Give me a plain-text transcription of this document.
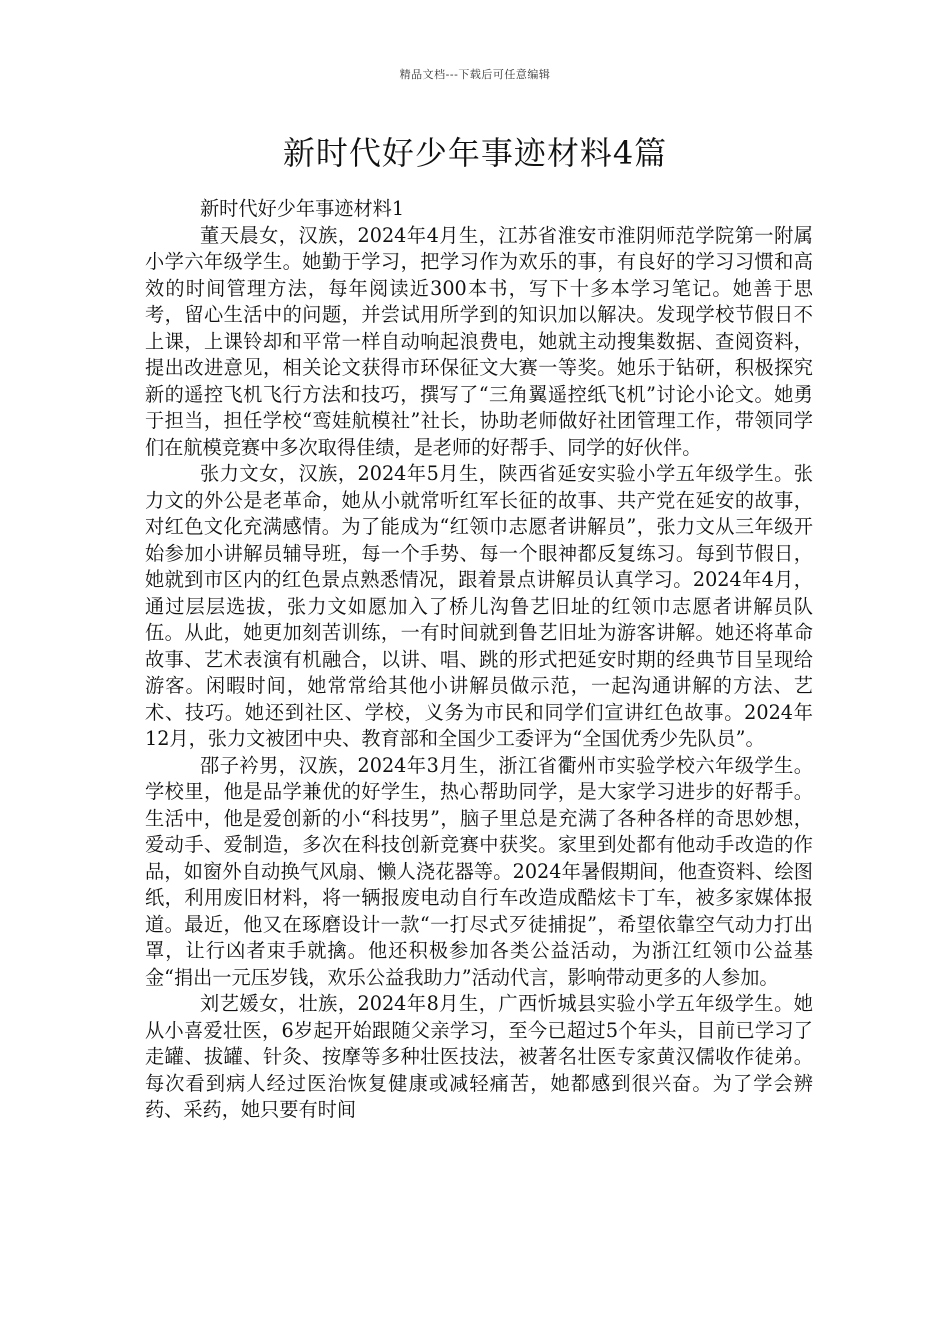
精品文档---下载后可任意编辑
新时代好少年事迹材料4篇
新时代好少年事迹材料1

董天晨女，汉族，2024年4月生，江苏省淮安市淮阴师范学院第一附属小学六年级学生。她勤于学习，把学习作为欢乐的事，有良好的学习习惯和高效的时间管理方法，每年阅读近300本书，写下十多本学习笔记。她善于思考，留心生活中的问题，并尝试用所学到的知识加以解决。发现学校节假日不上课，上课铃却和平常一样自动响起浪费电，她就主动搜集数据、查阅资料，提出改进意见，相关论文获得市环保征文大赛一等奖。她乐于钻研，积极探究新的遥控飞机飞行方法和技巧，撰写了“三角翼遥控纸飞机”讨论小论文。她勇于担当，担任学校“鸾娃航模社”社长，协助老师做好社团管理工作，带领同学们在航模竞赛中多次取得佳绩，是老师的好帮手、同学的好伙伴。

张力文女，汉族，2024年5月生，陕西省延安实验小学五年级学生。张力文的外公是老革命，她从小就常听红军长征的故事、共产党在延安的故事，对红色文化充满感情。为了能成为“红领巾志愿者讲解员”，张力文从三年级开始参加小讲解员辅导班，每一个手势、每一个眼神都反复练习。每到节假日，她就到市区内的红色景点熟悉情况，跟着景点讲解员认真学习。2024年4月，通过层层选拔，张力文如愿加入了桥儿沟鲁艺旧址的红领巾志愿者讲解员队伍。从此，她更加刻苦训练，一有时间就到鲁艺旧址为游客讲解。她还将革命故事、艺术表演有机融合，以讲、唱、跳的形式把延安时期的经典节目呈现给游客。闲暇时间，她常常给其他小讲解员做示范，一起沟通讲解的方法、艺术、技巧。她还到社区、学校，义务为市民和同学们宣讲红色故事。2024年12月，张力文被团中央、教育部和全国少工委评为“全国优秀少先队员”。

邵子衿男，汉族，2024年3月生，浙江省衢州市实验学校六年级学生。学校里，他是品学兼优的好学生，热心帮助同学，是大家学习进步的好帮手。生活中，他是爱创新的小“科技男”，脑子里总是充满了各种各样的奇思妙想，爱动手、爱制造，多次在科技创新竞赛中获奖。家里到处都有他动手改造的作品，如窗外自动换气风扇、懒人浇花器等。2024年暑假期间，他查资料、绘图纸，利用废旧材料，将一辆报废电动自行车改造成酷炫卡丁车，被多家媒体报道。最近，他又在琢磨设计一款“一打尽式歹徒捕捉”，希望依靠空气动力打出罩，让行凶者束手就擒。他还积极参加各类公益活动，为浙江红领巾公益基金“捐出一元压岁钱，欢乐公益我助力”活动代言，影响带动更多的人参加。

刘艺媛女，壮族，2024年8月生，广西忻城县实验小学五年级学生。她从小喜爱壮医，6岁起开始跟随父亲学习，至今已超过5个年头，目前已学习了走罐、拔罐、针灸、按摩等多种壮医技法，被著名壮医专家黄汉儒收作徒弟。每次看到病人经过医治恢复健康或减轻痛苦，她都感到很兴奋。为了学会辨药、采药，她只要有时间
